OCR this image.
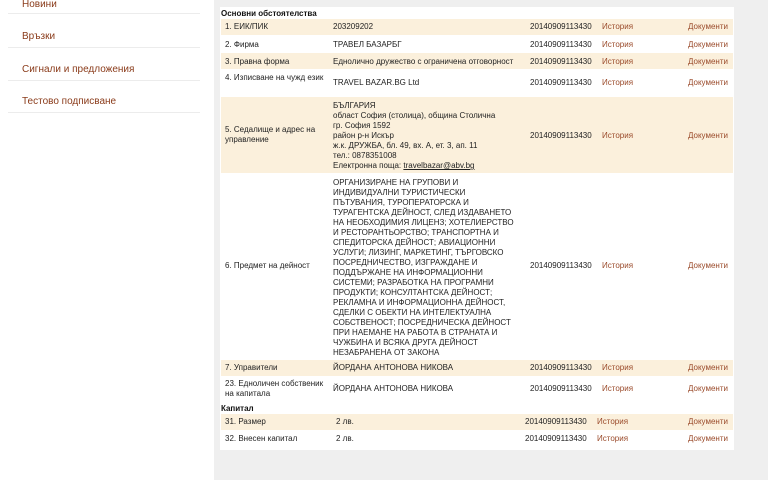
Новини
Връзки
Сигнали и предложения
Тестово подписване
Основни обстоятелства
1. ЕИК/ПИК	203209202	20140909113430 История	Документи
2. Фирма	ТРАВЕЛ БАЗАРБГ	20140909113430 История	Документи
3. Правна форма	Еднолично дружество с ограничена отговорност	20140909113430 История	Документи
4. Изписване на чужд език
TRAVEL BAZAR.BG Ltd	20140909113430 История	Документи
5. Седалище и адрес на управление
БЪЛГАРИЯ
област София (столица), община Столична
гр. София 1592
район р-н Искър
ж.к. ДРУЖБА, бл. 49, вх. А, ет. 3, ап. 11
тел.: 0878351008
Електронна поща: travelbazar@abv.bg
20140909113430 История	Документи
6. Предмет на дейност
ОРГАНИЗИРАНЕ НА ГРУПОВИ И
ИНДИВИДУАЛНИ ТУРИСТИЧЕСКИ
ПЪТУВАНИЯ, ТУРОПЕРАТОРСКА И
ТУРАГЕНТСКА ДЕЙНОСТ, СЛЕД ИЗДАВАНЕТО
НА НЕОБХОДИМИЯ ЛИЦЕНЗ; ХОТЕЛИЕРСТВО
И РЕСТОРАНТЬОРСТВО; ТРАНСПОРТНА И
СПЕДИТОРСКА ДЕЙНОСТ; АВИАЦИОННИ
УСЛУГИ; ЛИЗИНГ, МАРКЕТИНГ, ТЪРГОВСКО
ПОСРЕДНИЧЕСТВО, ИЗГРАЖДАНЕ И
ПОДДЪРЖАНЕ НА ИНФОРМАЦИОННИ
СИСТЕМИ; РАЗРАБОТКА НА ПРОГРАМНИ
ПРОДУКТИ; КОНСУЛТАНТСКА ДЕЙНОСТ;
РЕКЛАМНА И ИНФОРМАЦИОННА ДЕЙНОСТ,
СДЕЛКИ С ОБЕКТИ НА ИНТЕЛЕКТУАЛНА
СОБСТВЕНОСТ; ПОСРЕДНИЧЕСКА ДЕЙНОСТ
ПРИ НАЕМАНЕ НА РАБОТА В СТРАНАТА И
ЧУЖБИНА И ВСЯКА ДРУГА ДЕЙНОСТ
НЕЗАБРАНЕНА ОТ ЗАКОНА
20140909113430 История	Документи
7. Управители	ЙОРДАНА АНТОНОВА НИКОВА	20140909113430 История	Документи
23. Едноличен собственик на капитала
ЙОРДАНА АНТОНОВА НИКОВА	20140909113430 История	Документи
Капитал
31. Размер	2 лв.	20140909113430 История	Документи
32. Внесен капитал	2 лв.	20140909113430 История	Документи
